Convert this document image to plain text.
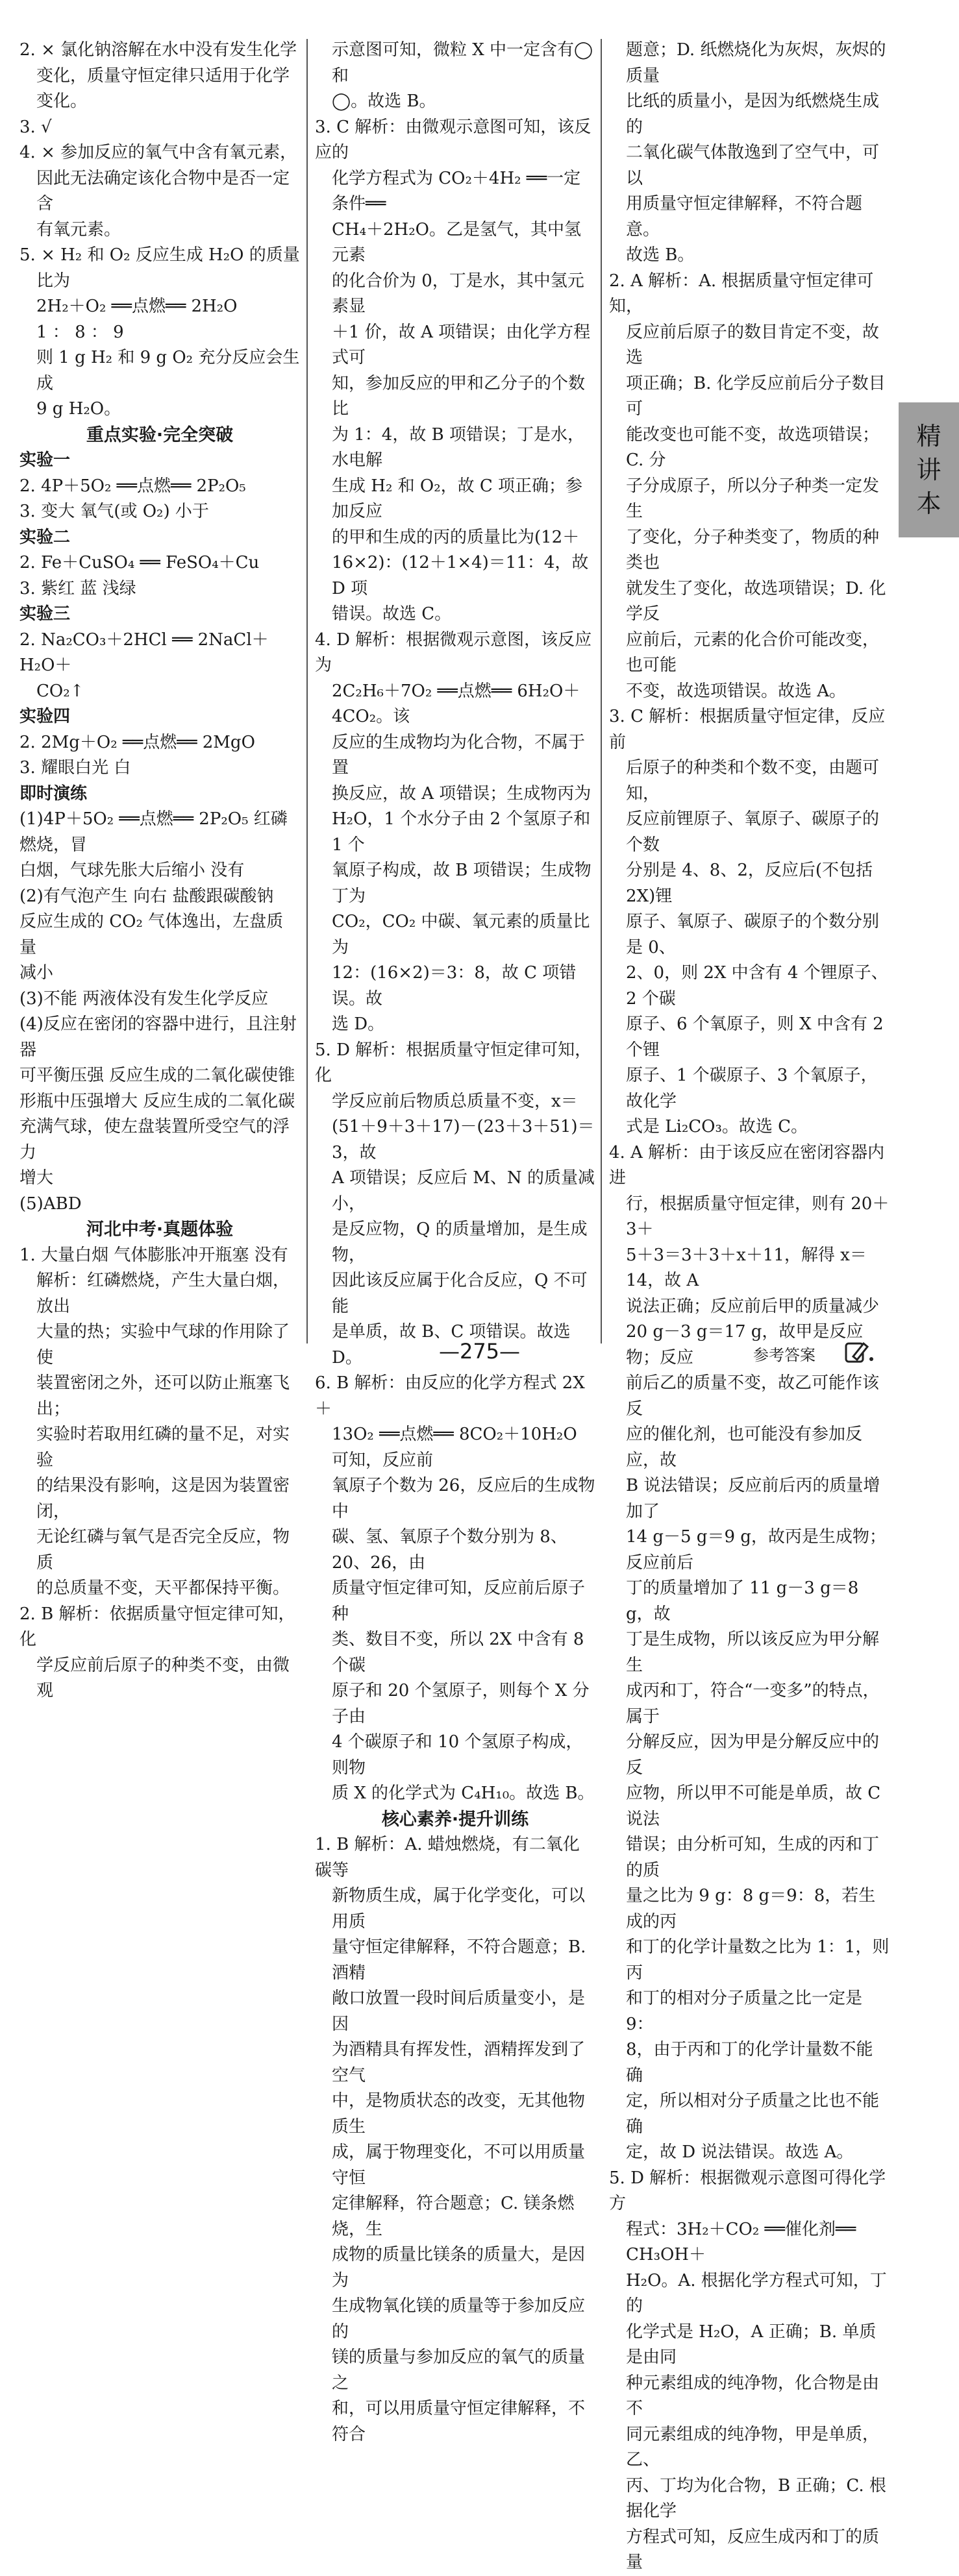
2. × 氯化钠溶解在水中没有发生化学

变化，质量守恒定律只适用于化学

变化。

3. √

4. × 参加反应的氧气中含有氧元素，

因此无法确定该化合物中是否一定含

有氧元素。

5. × H₂ 和 O₂ 反应生成 H₂O 的质量

比为

2H₂＋O₂ ══点燃══ 2H₂O

1 ： 8 ： 9

则 1 g H₂ 和 9 g O₂ 充分反应会生成

9 g H₂O。

重点实验·完全突破

实验一

2. 4P＋5O₂ ══点燃══ 2P₂O₅

3. 变大 氧气(或 O₂) 小于

实验二

2. Fe＋CuSO₄ ══ FeSO₄＋Cu

3. 紫红 蓝 浅绿

实验三

2. Na₂CO₃＋2HCl ══ 2NaCl＋H₂O＋

CO₂↑

实验四

2. 2Mg＋O₂ ══点燃══ 2MgO

3. 耀眼白光 白

即时演练

(1)4P＋5O₂ ══点燃══ 2P₂O₅ 红磷燃烧，冒

白烟，气球先胀大后缩小 没有

(2)有气泡产生 向右 盐酸跟碳酸钠

反应生成的 CO₂ 气体逸出，左盘质量

减小

(3)不能 两液体没有发生化学反应

(4)反应在密闭的容器中进行，且注射器

可平衡压强 反应生成的二氧化碳使锥

形瓶中压强增大 反应生成的二氧化碳

充满气球，使左盘装置所受空气的浮力

增大

(5)ABD

河北中考·真题体验

1. 大量白烟 气体膨胀冲开瓶塞 没有

解析：红磷燃烧，产生大量白烟，放出

大量的热；实验中气球的作用除了使

装置密闭之外，还可以防止瓶塞飞出；

实验时若取用红磷的量不足，对实验

的结果没有影响，这是因为装置密闭，

无论红磷与氧气是否完全反应，物质

的总质量不变，天平都保持平衡。

2. B 解析：依据质量守恒定律可知，化

学反应前后原子的种类不变，由微观

示意图可知，微粒 X 中一定含有◯和

◯。故选 B。

3. C 解析：由微观示意图可知，该反应的

化学方程式为 CO₂＋4H₂ ══一定条件══

CH₄＋2H₂O。乙是氢气，其中氢元素

的化合价为 0，丁是水，其中氢元素显

＋1 价，故 A 项错误；由化学方程式可

知，参加反应的甲和乙分子的个数比

为 1：4，故 B 项错误；丁是水，水电解

生成 H₂ 和 O₂，故 C 项正确；参加反应

的甲和生成的丙的质量比为(12＋

16×2)：(12＋1×4)＝11：4，故 D 项

错误。故选 C。

4. D 解析：根据微观示意图，该反应为

2C₂H₆＋7O₂ ══点燃══ 6H₂O＋4CO₂。该

反应的生成物均为化合物，不属于置

换反应，故 A 项错误；生成物丙为

H₂O，1 个水分子由 2 个氢原子和 1 个

氧原子构成，故 B 项错误；生成物丁为

CO₂，CO₂ 中碳、氧元素的质量比为

12：(16×2)＝3：8，故 C 项错误。故

选 D。

5. D 解析：根据质量守恒定律可知，化

学反应前后物质总质量不变，x＝

(51＋9＋3＋17)－(23＋3＋51)＝3，故

A 项错误；反应后 M、N 的质量减小，

是反应物，Q 的质量增加，是生成物，

因此该反应属于化合反应，Q 不可能

是单质，故 B、C 项错误。故选 D。

6. B 解析：由反应的化学方程式 2X＋

13O₂ ══点燃══ 8CO₂＋10H₂O 可知，反应前

氧原子个数为 26，反应后的生成物中

碳、氢、氧原子个数分别为 8、20、26，由

质量守恒定律可知，反应前后原子种

类、数目不变，所以 2X 中含有 8 个碳

原子和 20 个氢原子，则每个 X 分子由

4 个碳原子和 10 个氢原子构成，则物

质 X 的化学式为 C₄H₁₀。故选 B。

核心素养·提升训练

1. B 解析：A. 蜡烛燃烧，有二氧化碳等

新物质生成，属于化学变化，可以用质

量守恒定律解释，不符合题意；B. 酒精

敞口放置一段时间后质量变小，是因

为酒精具有挥发性，酒精挥发到了空气

中，是物质状态的改变，无其他物质生

成，属于物理变化，不可以用质量守恒

定律解释，符合题意；C. 镁条燃烧，生

成物的质量比镁条的质量大，是因为

生成物氧化镁的质量等于参加反应的

镁的质量与参加反应的氧气的质量之

和，可以用质量守恒定律解释，不符合

题意；D. 纸燃烧化为灰烬，灰烬的质量

比纸的质量小，是因为纸燃烧生成的

二氧化碳气体散逸到了空气中，可以

用质量守恒定律解释，不符合题意。

故选 B。

2. A 解析：A. 根据质量守恒定律可知，

反应前后原子的数目肯定不变，故选

项正确；B. 化学反应前后分子数目可

能改变也可能不变，故选项错误；C. 分

子分成原子，所以分子种类一定发生

了变化，分子种类变了，物质的种类也

就发生了变化，故选项错误；D. 化学反

应前后，元素的化合价可能改变，也可能

不变，故选项错误。故选 A。

3. C 解析：根据质量守恒定律，反应前

后原子的种类和个数不变，由题可知，

反应前锂原子、氧原子、碳原子的个数

分别是 4、8、2，反应后(不包括 2X)锂

原子、氧原子、碳原子的个数分别是 0、

2、0，则 2X 中含有 4 个锂原子、2 个碳

原子、6 个氧原子，则 X 中含有 2 个锂

原子、1 个碳原子、3 个氧原子，故化学

式是 Li₂CO₃。故选 C。

4. A 解析：由于该反应在密闭容器内进

行，根据质量守恒定律，则有 20＋3＋

5＋3＝3＋3＋x＋11，解得 x＝14，故 A

说法正确；反应前后甲的质量减少

20 g－3 g＝17 g，故甲是反应物；反应

前后乙的质量不变，故乙可能作该反

应的催化剂，也可能没有参加反应，故

B 说法错误；反应前后丙的质量增加了

14 g－5 g＝9 g，故丙是生成物；反应前后

丁的质量增加了 11 g－3 g＝8 g，故

丁是生成物，所以该反应为甲分解生

成丙和丁，符合“一变多”的特点，属于

分解反应，因为甲是分解反应中的反

应物，所以甲不可能是单质，故 C 说法

错误；由分析可知，生成的丙和丁的质

量之比为 9 g：8 g＝9：8，若生成的丙

和丁的化学计量数之比为 1：1，则丙

和丁的相对分子质量之比一定是 9：

8，由于丙和丁的化学计量数不能确

定，所以相对分子质量之比也不能确

定，故 D 说法错误。故选 A。

5. D 解析：根据微观示意图可得化学方

程式：3H₂＋CO₂ ══催化剂══ CH₃OH＋

H₂O。A. 根据化学方程式可知，丁的

化学式是 H₂O，A 正确；B. 单质是由同

种元素组成的纯净物，化合物是由不

同元素组成的纯净物，甲是单质，乙、

丙、丁均为化合物，B 正确；C. 根据化学

方程式可知，反应生成丙和丁的质量

精
讲
本
—275—	参考答案
